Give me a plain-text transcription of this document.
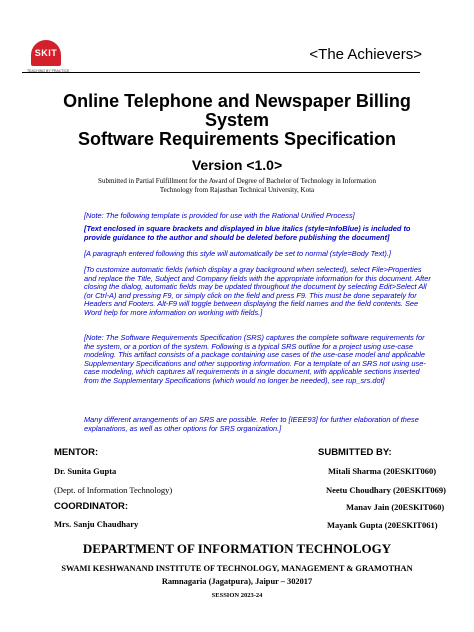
SKIT
TEACHING BY PRACTICE
<The Achievers>
Online Telephone and Newspaper Billing
System
Software Requirements Specification
Version <1.0>
Submitted in Partial Fulfillment for the Award of Degree of Bachelor of Technology in Information
Technology from Rajasthan Technical University, Kota
[Note: The following template is provided for use with the Rational Unified Process]
[Text enclosed in square brackets and displayed in blue italics (style=InfoBlue) is included to provide guidance to the author and should be deleted before publishing the document]
[A paragraph entered following this style will automatically be set to normal (style=Body Text).]
[To customize automatic fields (which display a gray background when selected), select File>Properties and replace the Title, Subject and Company fields with the appropriate information for this document. After closing the dialog, automatic fields may be updated throughout the document by selecting Edit>Select All (or Ctrl-A) and pressing F9, or simply click on the field and press F9. This must be done separately for Headers and Footers. Alt-F9 will toggle between displaying the field names and the field contents. See Word help for more information on working with fields.]
[Note: The Software Requirements Specification (SRS) captures the complete software requirements for the system, or a portion of the system. Following is a typical SRS outline for a project using use-case modeling. This artifact consists of a package containing use cases of the use-case model and applicable Supplementary Specifications and other supporting information. For a template of an SRS not using use-case modeling, which captures all requirements in a single document, with applicable sections inserted from the Supplementary Specifications (which would no longer be needed), see rup_srs.dot]
Many different arrangements of an SRS are possible. Refer to [IEEE93] for further elaboration of these explanations, as well as other options for SRS organization.]
MENTOR:
Dr. Sunita Gupta
(Dept. of Information Technology)
COORDINATOR:
Mrs. Sanju Chaudhary
SUBMITTED BY:
Mitali Sharma (20ESKIT060)
Neetu Choudhary (20ESKIT069)
Manav Jain (20ESKIT060)
Mayank Gupta (20ESKIT061)
DEPARTMENT OF INFORMATION TECHNOLOGY
SWAMI KESHWANAND INSTITUTE OF TECHNOLOGY, MANAGEMENT & GRAMOTHAN
Ramnagaria (Jagatpura), Jaipur – 302017
SESSION 2023-24
